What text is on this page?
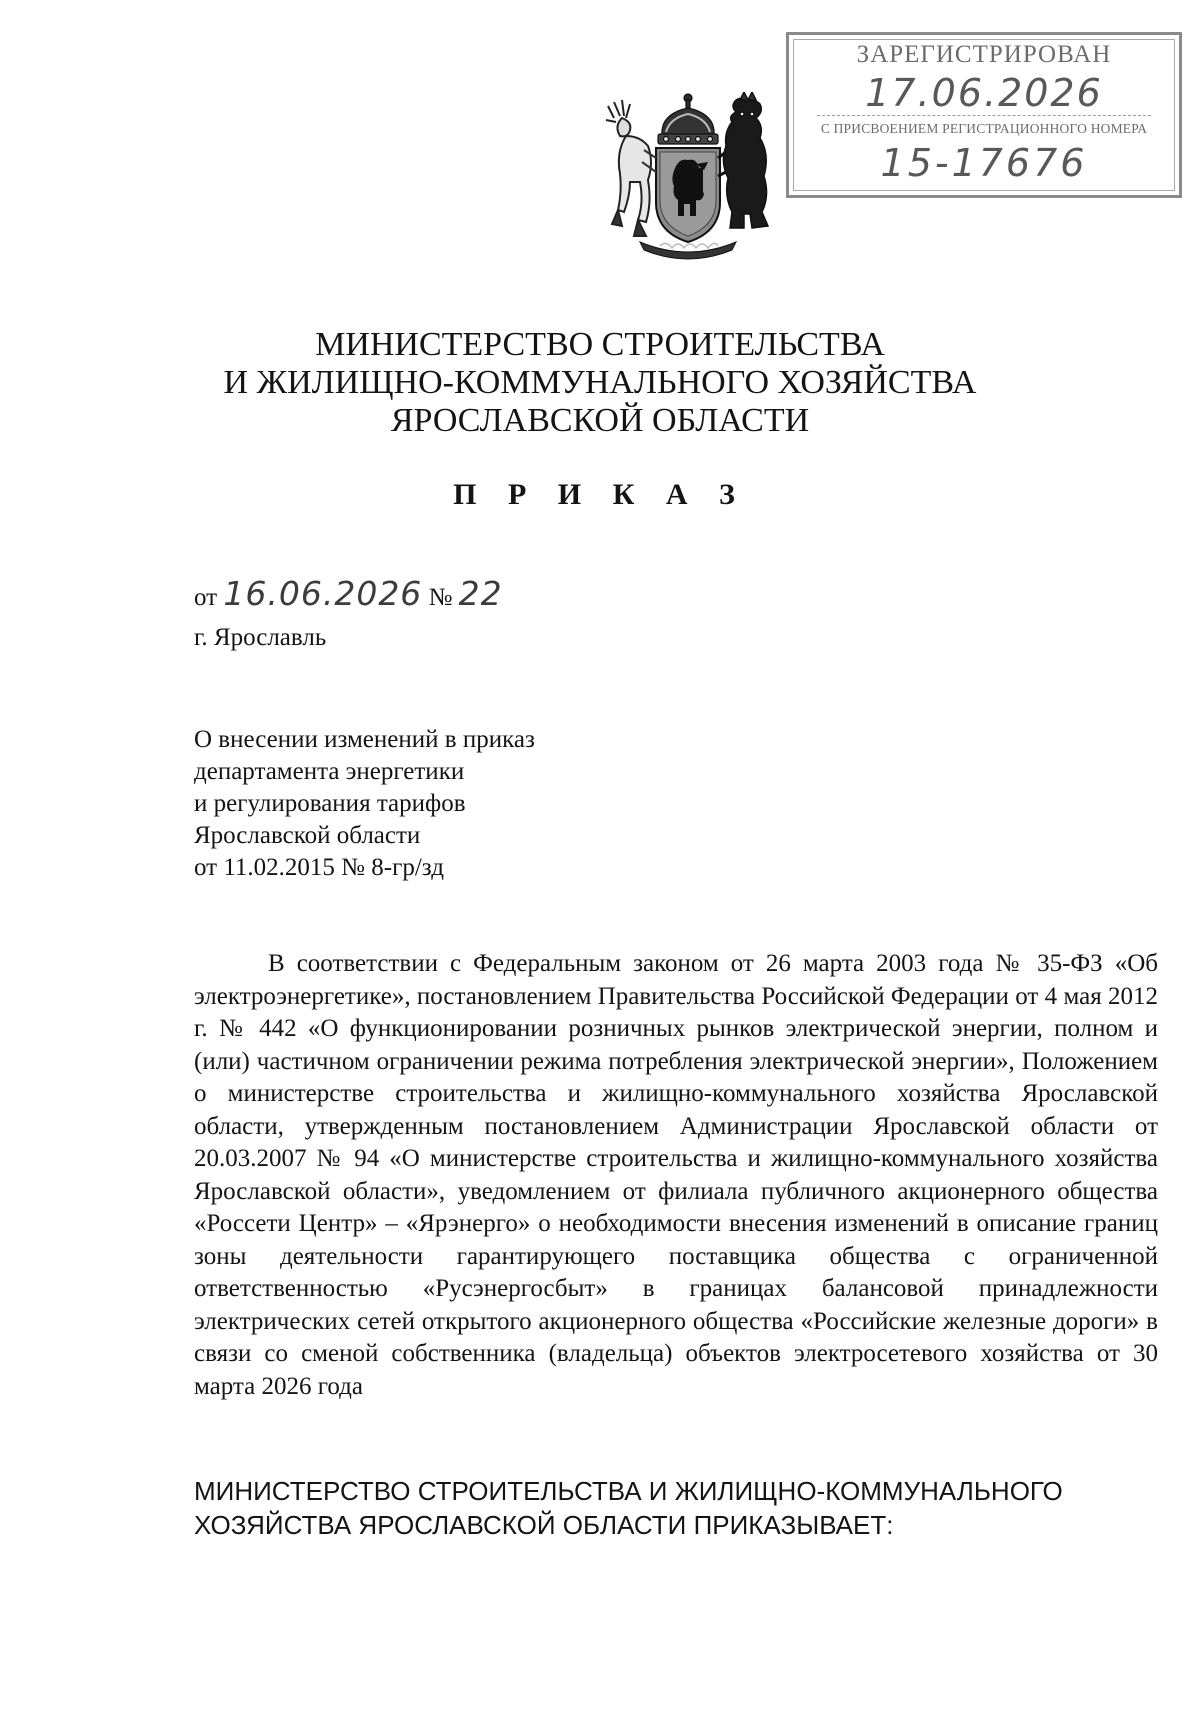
ЗАРЕГИСТРИРОВАН
17.06.2026
С ПРИСВОЕНИЕМ РЕГИСТРАЦИОННОГО НОМЕРА
15-17676
МИНИСТЕРСТВО СТРОИТЕЛЬСТВА
И ЖИЛИЩНО-КОММУНАЛЬНОГО ХОЗЯЙСТВА
ЯРОСЛАВСКОЙ ОБЛАСТИ
П Р И К А З
от 16.06.2026 № 22
г. Ярославль
О внесении изменений в приказ
департамента энергетики
и регулирования тарифов
Ярославской области
от 11.02.2015 № 8-гр/зд

В соответствии с Федеральным законом от 26 марта 2003 года № 35-ФЗ «Об электроэнергетике», постановлением Правительства Российской Федерации от 4 мая 2012 г. № 442 «О функционировании розничных рынков электрической энергии, полном и (или) частичном ограничении режима потребления электрической энергии», Положением о министерстве строительства и жилищно-коммунального хозяйства Ярославской области, утвержденным постановлением Администрации Ярославской области от 20.03.2007 № 94 «О министерстве строительства и жилищно-коммунального хозяйства Ярославской области», уведомлением от филиала публичного акционерного общества «Россети Центр» – «Ярэнерго» о необходимости внесения изменений в описание границ зоны деятельности гарантирующего поставщика общества с ограниченной ответственностью «Русэнергосбыт» в границах балансовой принадлежности электрических сетей открытого акционерного общества «Российские железные дороги» в связи со сменой собственника (владельца) объектов электросетевого хозяйства от 30 марта 2026 года

МИНИСТЕРСТВО СТРОИТЕЛЬСТВА И ЖИЛИЩНО-КОММУНАЛЬНОГО ХОЗЯЙСТВА ЯРОСЛАВСКОЙ ОБЛАСТИ ПРИКАЗЫВАЕТ:
